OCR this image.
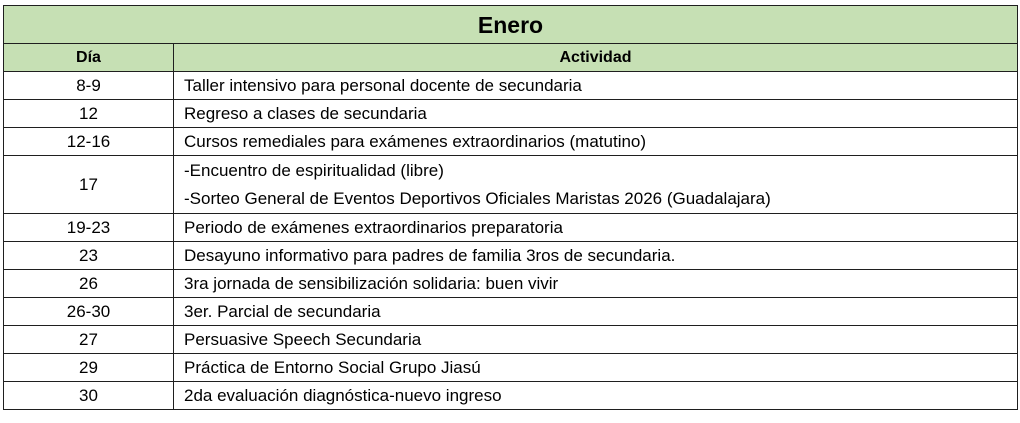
Enero	
Día	Actividad
8-9	Taller intensivo para personal docente de secundaria
12	Regreso a clases de secundaria
12-16	Cursos remediales para exámenes extraordinarios (matutino)
17	-Encuentro de espiritualidad (libre)
-Sorteo General de Eventos Deportivos Oficiales Maristas 2026 (Guadalajara)

19-23	Periodo de exámenes extraordinarios preparatoria
23	Desayuno informativo para padres de familia 3ros de secundaria.
26	3ra jornada de sensibilización solidaria: buen vivir
26-30	3er. Parcial de secundaria
27	Persuasive Speech Secundaria
29	Práctica de Entorno Social Grupo Jiasú
30	2da evaluación diagnóstica-nuevo ingreso
